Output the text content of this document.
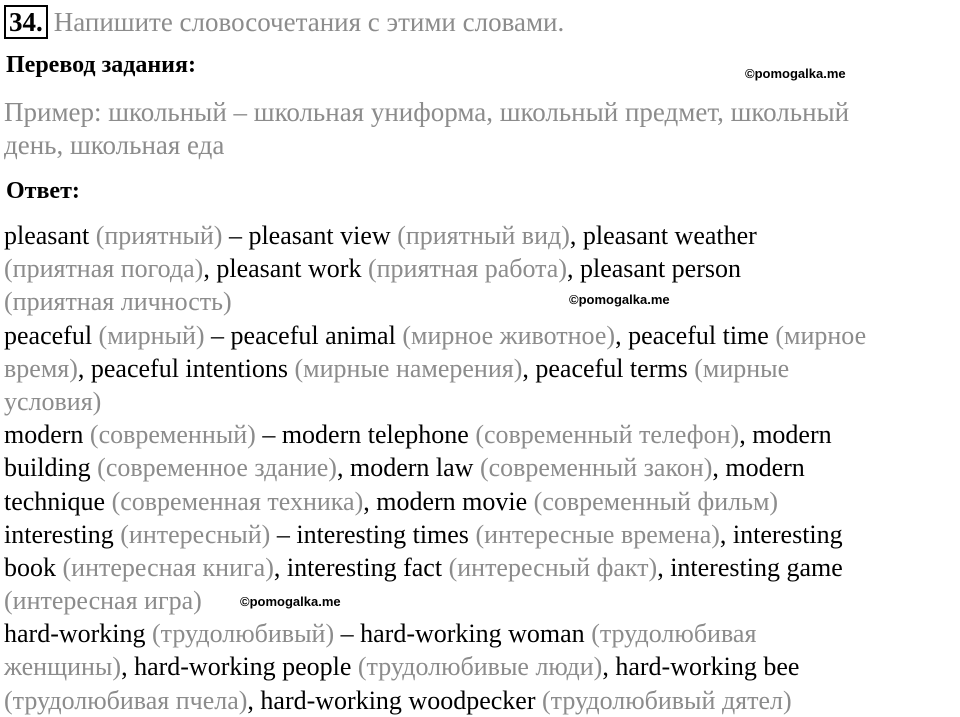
34. Напишите словосочетания с этими словами.
Перевод задания:	©pomogalka.me
Пример: школьный – школьная униформа, школьный предмет, школьный
день, школьная еда
Ответ:
pleasant (приятный) – pleasant view (приятный вид), pleasant weather
(приятная погода), pleasant work (приятная работа), pleasant person
(приятная личность)
peaceful (мирный) – peaceful animal (мирное животное), peaceful time (мирное
время), peaceful intentions (мирные намерения), peaceful terms (мирные
условия)
modern (современный) – modern telephone (современный телефон), modern
building (современное здание), modern law (современный закон), modern
technique (современная техника), modern movie (современный фильм)
interesting (интересный) – interesting times (интересные времена), interesting
book (интересная книга), interesting fact (интересный факт), interesting game
(интересная игра)
hard-working (трудолюбивый) – hard-working woman (трудолюбивая
женщины), hard-working people (трудолюбивые люди), hard-working bee
(трудолюбивая пчела), hard-working woodpecker (трудолюбивый дятел)
©pomogalka.me
©pomogalka.me
